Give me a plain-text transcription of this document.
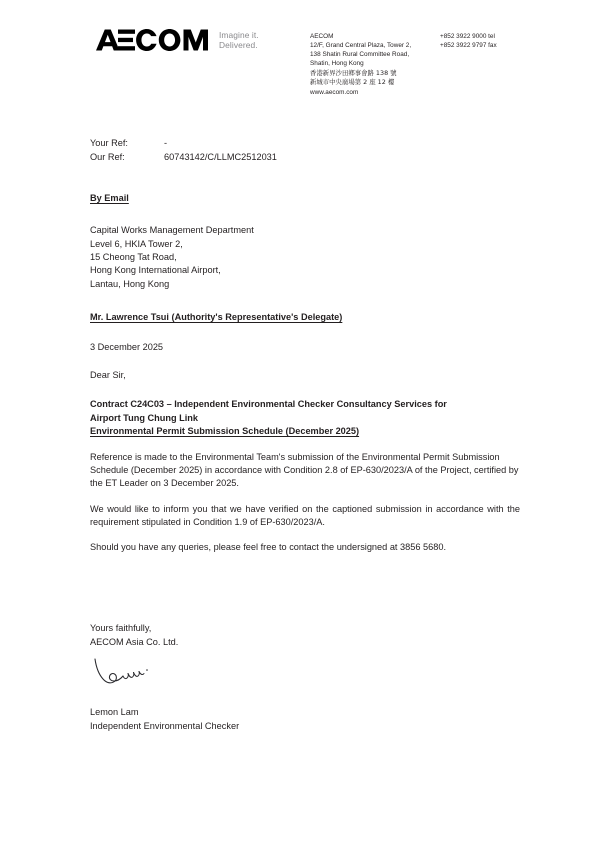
Imagine it.
Delivered.
AECOM
12/F, Grand Central Plaza, Tower 2,
138 Shatin Rural Committee Road,
Shatin, Hong Kong
香港新界沙田鄉事會路 138 號
新城市中央廣場第 2 座 12 樓
www.aecom.com
+852 3922 9000 tel
+852 3922 9797 fax
Your Ref:	-
Our Ref:	60743142/C/LLMC2512031
By Email
Capital Works Management Department
Level 6, HKIA Tower 2,
15 Cheong Tat Road,
Hong Kong International Airport,
Lantau, Hong Kong
Mr. Lawrence Tsui (Authority's Representative's Delegate)
3 December 2025
Dear Sir,
Contract C24C03 – Independent Environmental Checker Consultancy Services for
Airport Tung Chung Link
Environmental Permit Submission Schedule (December 2025)
Reference is made to the Environmental Team's submission of the Environmental Permit Submission Schedule (December 2025) in accordance with Condition 2.8 of EP-630/2023/A of the Project, certified by the ET Leader on 3 December 2025.
We would like to inform you that we have verified on the captioned submission in accordance with the requirement stipulated in Condition 1.9 of EP-630/2023/A.
Should you have any queries, please feel free to contact the undersigned at 3856 5680.
Yours faithfully,
AECOM Asia Co. Ltd.
Lemon Lam
Independent Environmental Checker
